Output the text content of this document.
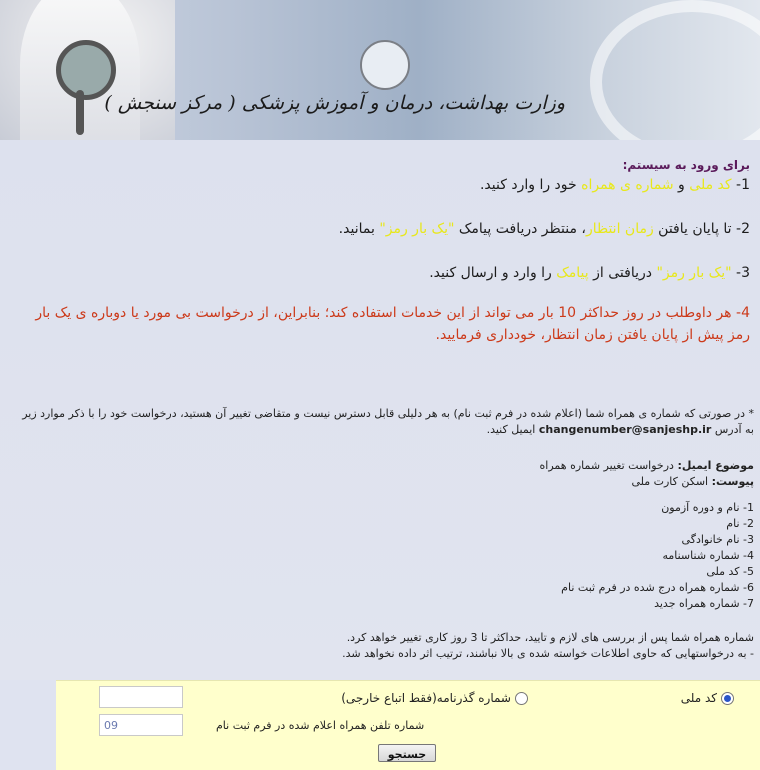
وزارت بهداشت، درمان و آموزش پزشکی ( مرکز سنجش )
برای ورود به سیستم:
1- کد ملی و شماره ی همراه خود را وارد کنید.
2- تا پایان یافتن زمان انتظار، منتظر دریافت پیامک "یک بار رمز" بمانید.
3- "یک بار رمز" دریافتی از پیامک را وارد و ارسال کنید.
4- هر داوطلب در روز حداکثر 10 بار می تواند از این خدمات استفاده کند؛ بنابراین، از درخواست بی مورد یا دوباره ی یک بار رمز پیش از پایان یافتن زمان انتظار، خودداری فرمایید.
* در صورتی که شماره ی همراه شما (اعلام شده در فرم ثبت نام) به هر دلیلی قابل دسترس نیست و متقاضی تغییر آن هستید، درخواست خود را با ذکر موارد زیر به آدرس changenumber@sanjeshp.ir ایمیل کنید.
موضوع ایمیل: درخواست تغییر شماره همراه
پیوست: اسکن کارت ملی
1- نام و دوره آزمون
2- نام
3- نام خانوادگی
4- شماره شناسنامه
5- کد ملی
6- شماره همراه درج شده در فرم ثبت نام
7- شماره همراه جدید
شماره همراه شما پس از بررسی های لازم و تایید، حداکثر تا 3 روز کاری تغییر خواهد کرد.
- به درخواستهایی که حاوی اطلاعات خواسته شده ی بالا نباشند، ترتیب اثر داده نخواهد شد.
کد ملی
شماره گذرنامه(فقط اتباع خارجی)
09
شماره تلفن همراه اعلام شده در فرم ثبت نام
جستجو
